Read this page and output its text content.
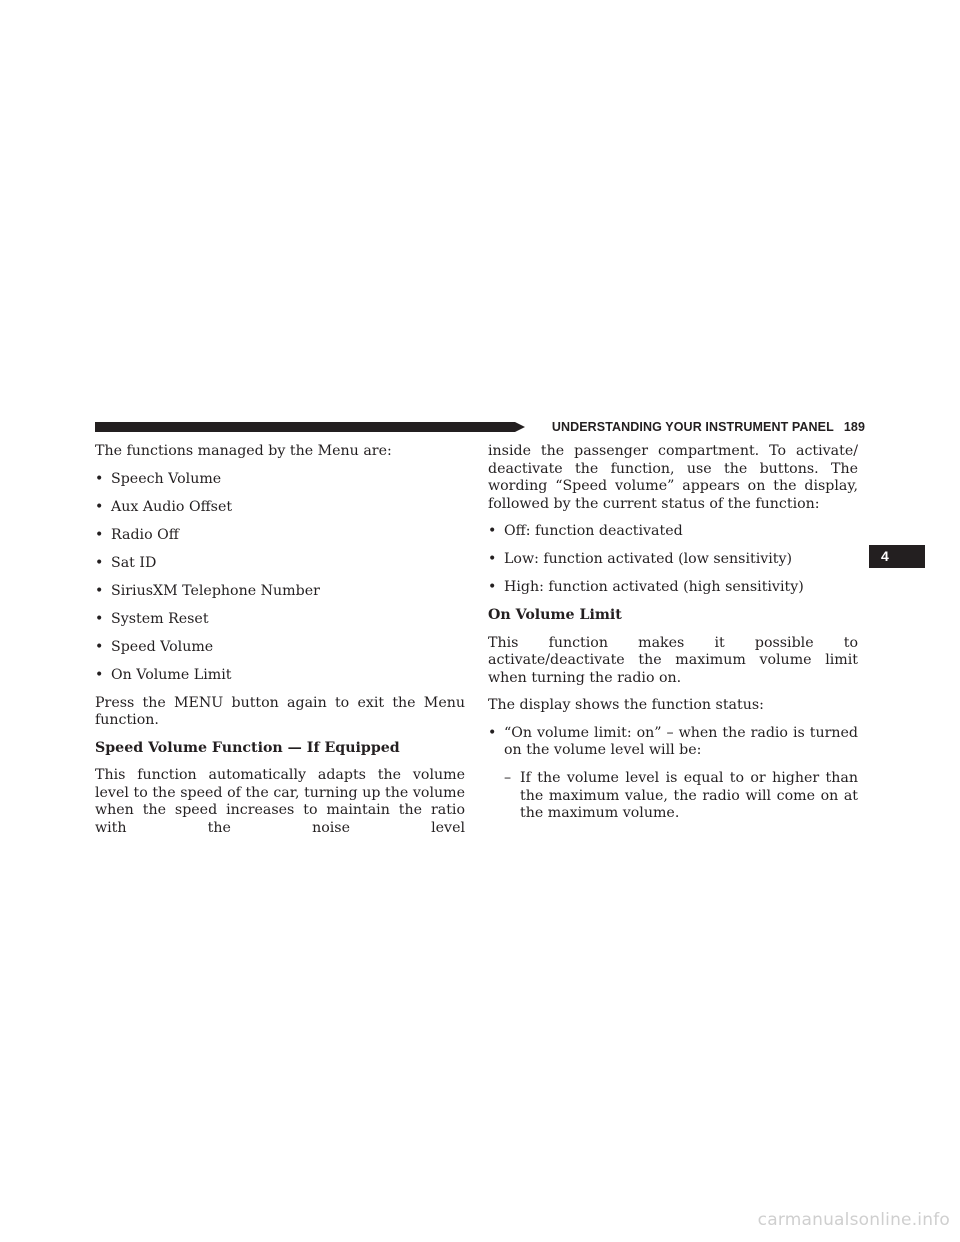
UNDERSTANDING YOUR INSTRUMENT PANEL 189
4
The functions managed by the Menu are:
• Speech Volume
• Aux Audio Offset
• Radio Off
• Sat ID
• SiriusXM Telephone Number
• System Reset
• Speed Volume
• On Volume Limit
Press the MENU button again to exit the Menu function.
Speed Volume Function — If Equipped
This function automatically adapts the volume level to the speed of the car, turning up the volume when the speed increases to maintain the ratio with the noise level
inside the passenger compartment. To activate/ deactivate the function, use the buttons. The wording “Speed volume” appears on the display, followed by the current status of the function:
• Off: function deactivated
• Low: function activated (low sensitivity)
• High: function activated (high sensitivity)
On Volume Limit
This function makes it possible to activate/deactivate the maximum volume limit when turning the radio on.
The display shows the function status:
• “On volume limit: on” – when the radio is turned on the volume level will be:
– If the volume level is equal to or higher than the maximum value, the radio will come on at the maximum volume.
carmanualsonline.info
